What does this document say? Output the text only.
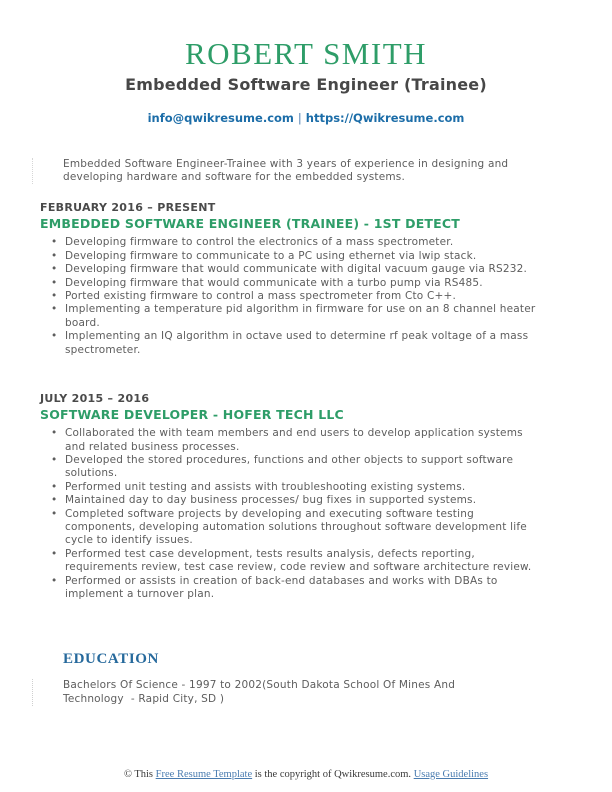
ROBERT SMITH
Embedded Software Engineer (Trainee)
info@qwikresume.com | https://Qwikresume.com

Embedded Software Engineer-Trainee with 3 years of experience in designing and developing hardware and software for the embedded systems.

FEBRUARY 2016 – PRESENT

EMBEDDED SOFTWARE ENGINEER (TRAINEE) - 1ST DETECT

• Developing firmware to control the electronics of a mass spectrometer.
• Developing firmware to communicate to a PC using ethernet via lwip stack.
• Developing firmware that would communicate with digital vacuum gauge via RS232.
• Developing firmware that would communicate with a turbo pump via RS485.
• Ported existing firmware to control a mass spectrometer from Cto C++.
• Implementing a temperature pid algorithm in firmware for use on an 8 channel heater board.
• Implementing an IQ algorithm in octave used to determine rf peak voltage of a mass spectrometer.

JULY 2015 – 2016

SOFTWARE DEVELOPER - HOFER TECH LLC

• Collaborated the with team members and end users to develop application systems and related business processes.
• Developed the stored procedures, functions and other objects to support software solutions.
• Performed unit testing and assists with troubleshooting existing systems.
• Maintained day to day business processes/ bug fixes in supported systems.
• Completed software projects by developing and executing software testing components, developing automation solutions throughout software development life cycle to identify issues.
• Performed test case development, tests results analysis, defects reporting, requirements review, test case review, code review and software architecture review.
• Performed or assists in creation of back-end databases and works with DBAs to implement a turnover plan.
EDUCATION

Bachelors Of Science - 1997 to 2002(South Dakota School Of Mines And Technology  - Rapid City, SD )

© This Free Resume Template is the copyright of Qwikresume.com. Usage Guidelines
